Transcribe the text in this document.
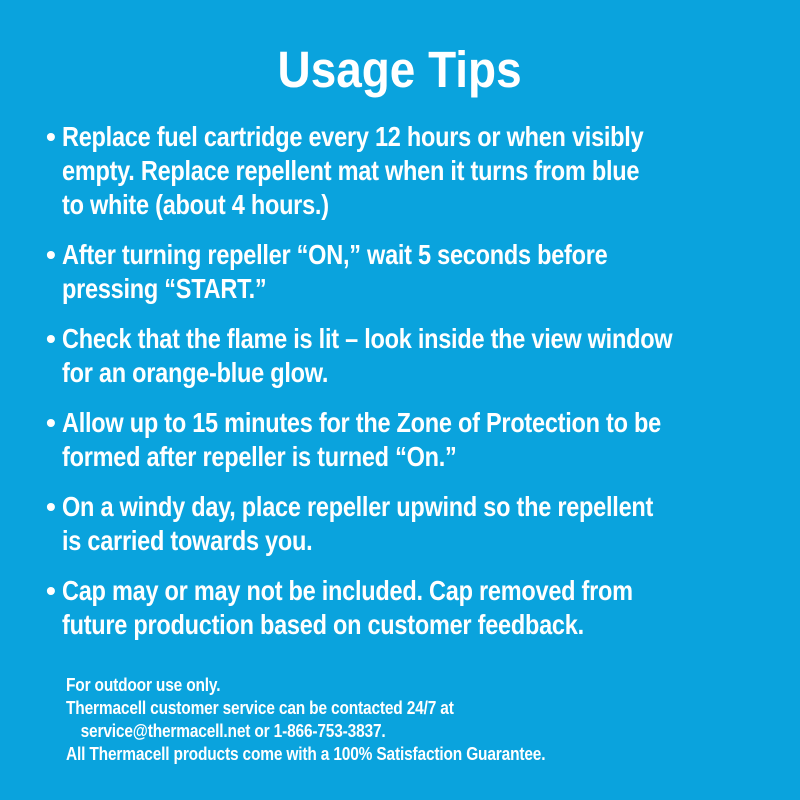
Usage Tips
• Replace fuel cartridge every 12 hours or when visibly
empty. Replace repellent mat when it turns from blue
to white (about 4 hours.)
• After turning repeller “ON,” wait 5 seconds before
pressing “START.”
• Check that the flame is lit – look inside the view window
for an orange-blue glow.
• Allow up to 15 minutes for the Zone of Protection to be
formed after repeller is turned “On.”
• On a windy day, place repeller upwind so the repellent
is carried towards you.
• Cap may or may not be included. Cap removed from
future production based on customer feedback.
For outdoor use only.
Thermacell customer service can be contacted 24/7 at
service@thermacell.net or 1-866-753-3837.
All Thermacell products come with a 100% Satisfaction Guarantee.
